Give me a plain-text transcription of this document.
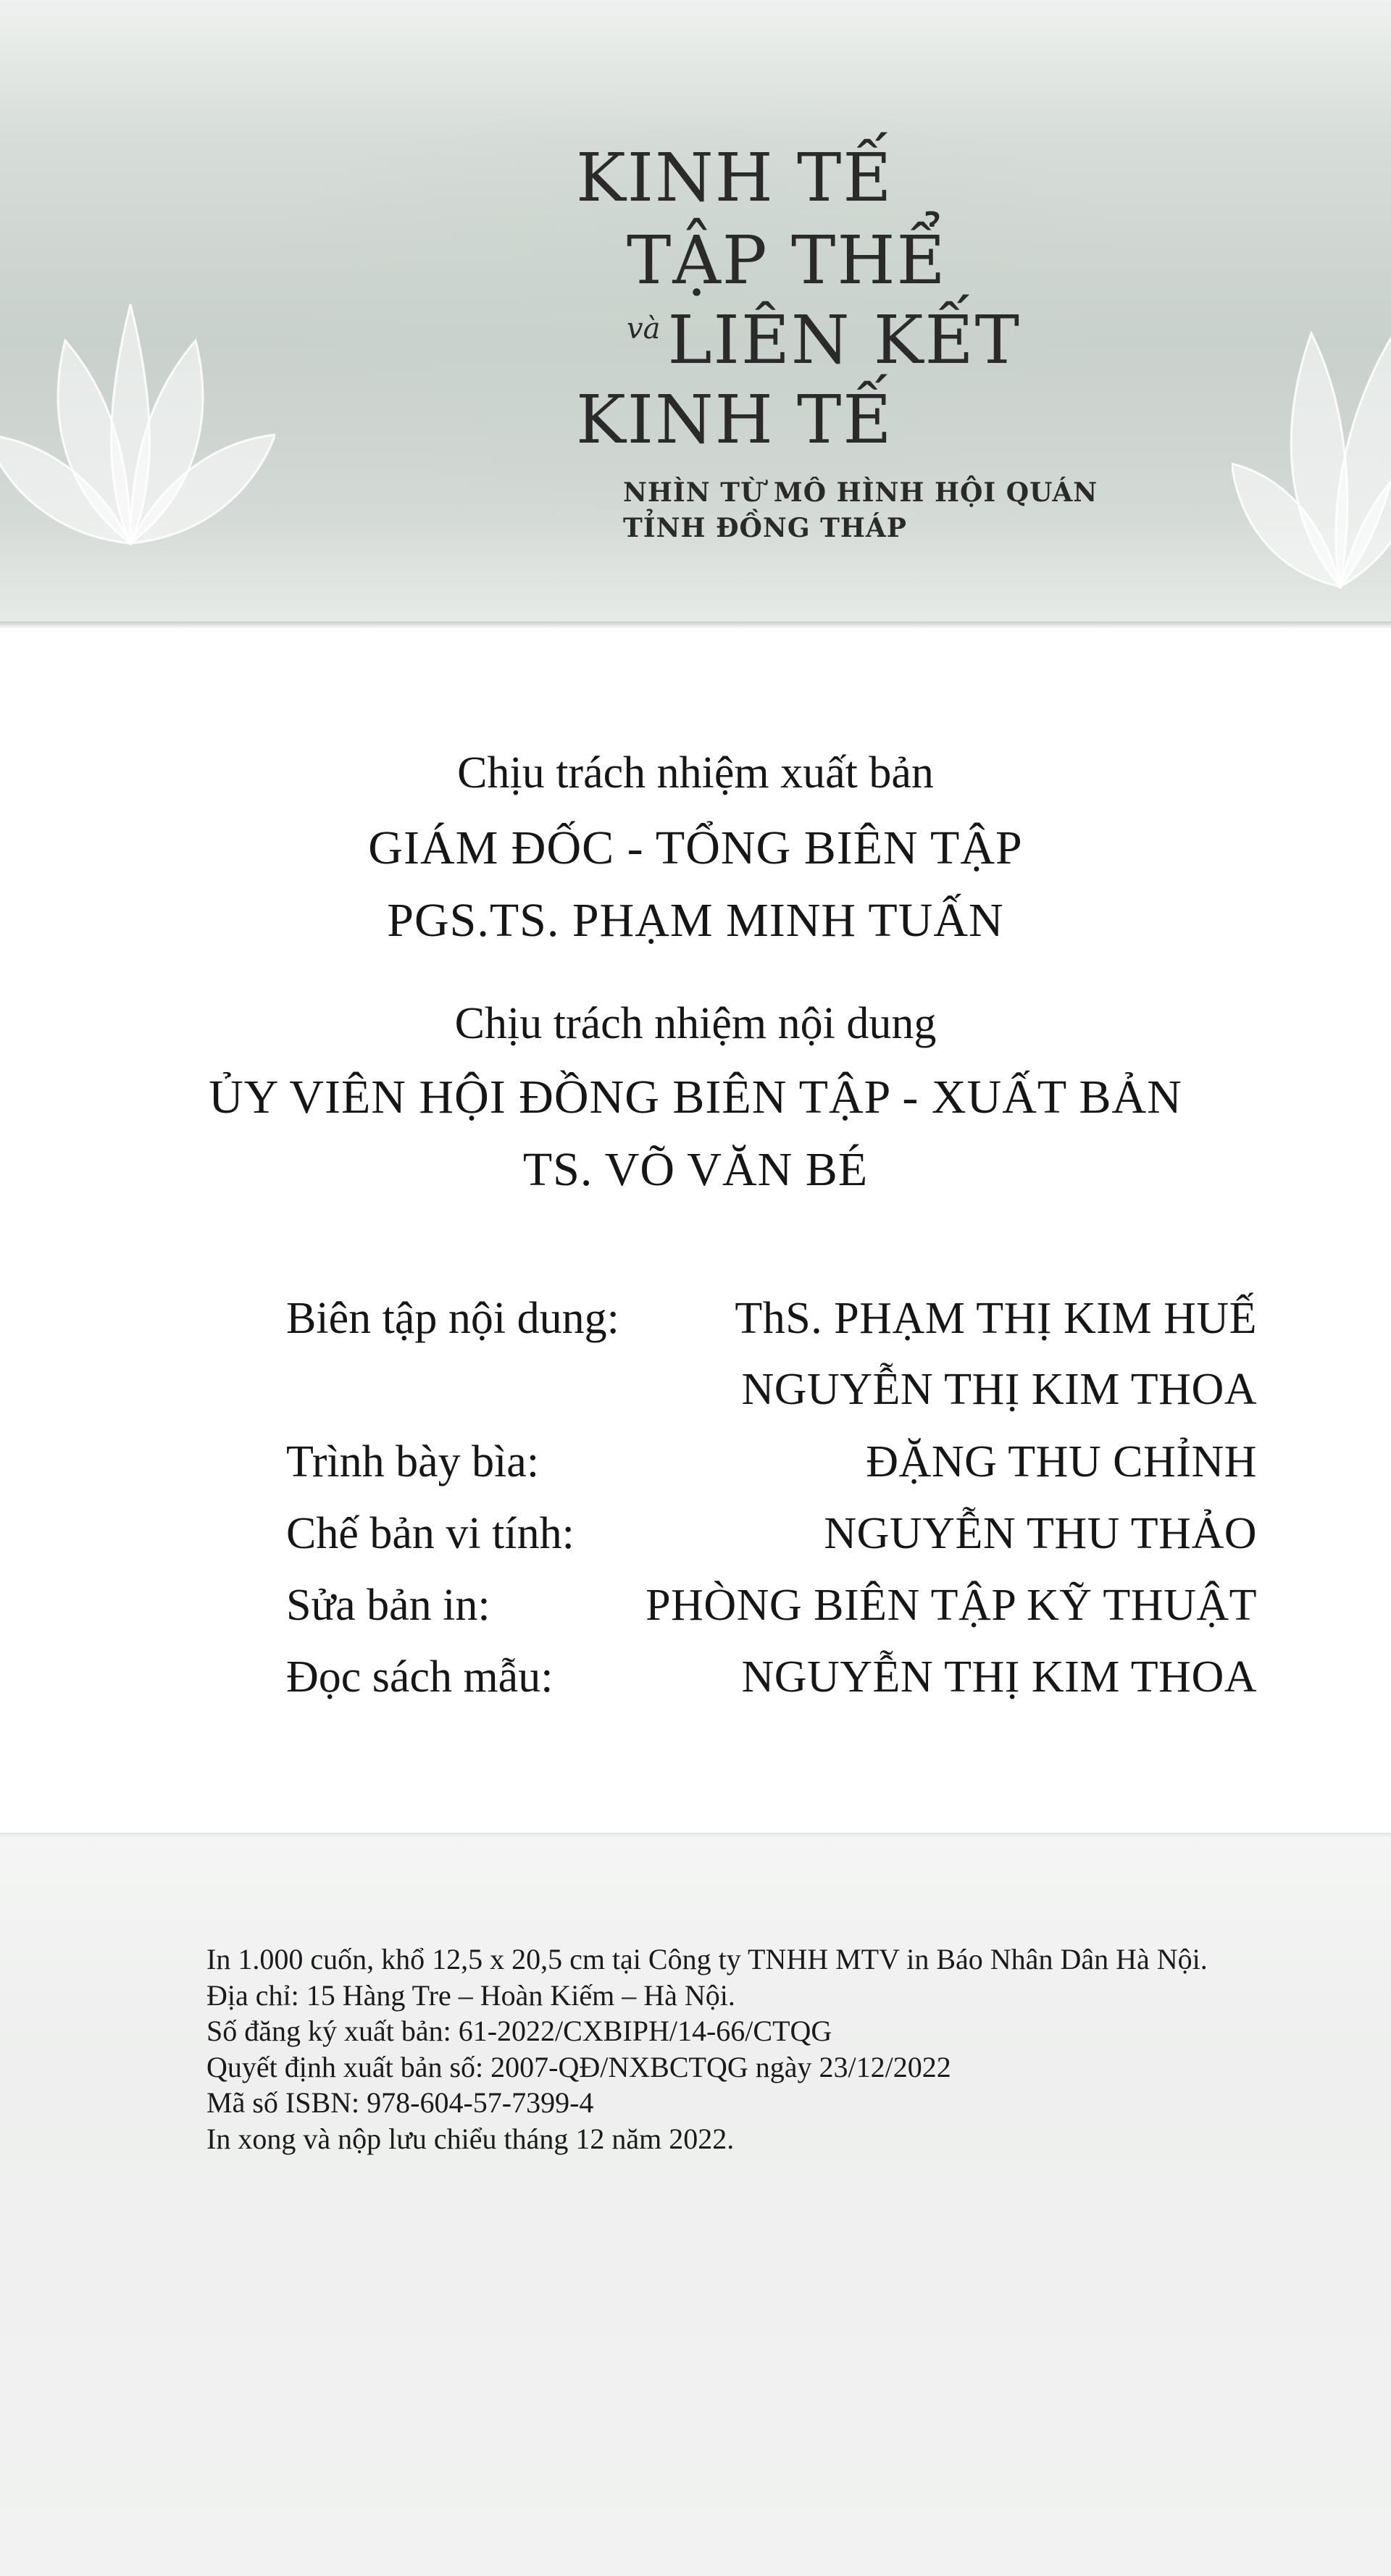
KINH TẾ
TẬP THỂ
$^{và}$ LIÊN KẾT
KINH TẾ
NHÌN TỪ MÔ HÌNH HỘI QUÁN
TỈNH ĐỒNG THÁP
Chịu trách nhiệm xuất bản
GIÁM ĐỐC - TỔNG BIÊN TẬP
PGS.TS. PHẠM MINH TUẤN
Chịu trách nhiệm nội dung
ỦY VIÊN HỘI ĐỒNG BIÊN TẬP - XUẤT BẢN
TS. VÕ VĂN BÉ
Biên tập nội dung:	ThS. PHẠM THỊ KIM HUẾ
NGUYỄN THỊ KIM THOA
Trình bày bìa:	ĐẶNG THU CHỈNH
Chế bản vi tính:	NGUYỄN THU THẢO
Sửa bản in:	PHÒNG BIÊN TẬP KỸ THUẬT
Đọc sách mẫu:	NGUYỄN THỊ KIM THOA
In 1.000 cuốn, khổ 12,5 x 20,5 cm tại Công ty TNHH MTV in Báo Nhân Dân Hà Nội.
Địa chỉ: 15 Hàng Tre – Hoàn Kiếm – Hà Nội.
Số đăng ký xuất bản: 61-2022/CXBIPH/14-66/CTQG
Quyết định xuất bản số: 2007-QĐ/NXBCTQG ngày 23/12/2022
Mã số ISBN: 978-604-57-7399-4
In xong và nộp lưu chiểu tháng 12 năm 2022.
